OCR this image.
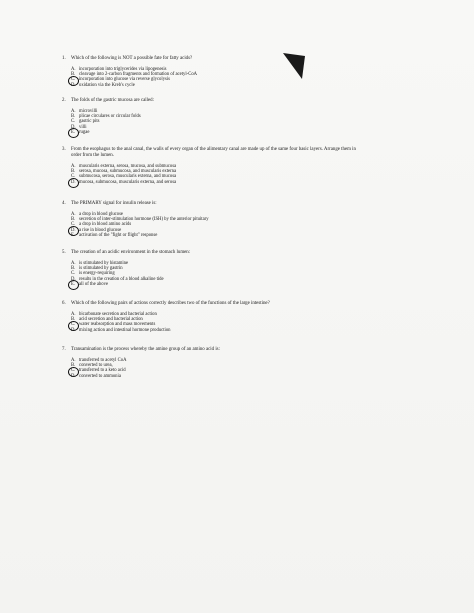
1.	Which of the following is NOT a possible fate for fatty acids?
A. incorporation into triglycerides via lipogenesis
B. cleavage into 2-carbon fragments and formation of acetyl-CoA
C. incorporation into glucose via reverse glycolysis
D. oxidation via the Kreb's cycle
2.	The folds of the gastric mucosa are called:
A. microvilli
B. plicae circulares or circular folds
C. gastric pits
D. villi
E. rugae
3.	From the esophagus to the anal canal, the walls of every organ of the alimentary canal are made up of the same four basic layers. Arrange them in order from the lumen.
A. muscularis externa, serosa, mucosa, and submucosa
B. serosa, mucosa, submucosa, and muscularis externa
C. submucosa, serosa, muscularis externa, and mucosa
D. mucosa, submucosa, muscularis externa, and serosa
4.	The PRIMARY signal for insulin release is:
A. a drop in blood glucose
B. secretion of inter-stimulation hormone (ISH) by the anterior pituitary
C. a drop in blood amino acids
D. a rise in blood glucose
E. activation of the "fight or flight" response
5.	The creation of an acidic environment in the stomach lumen:
A. is stimulated by histamine
B. is stimulated by gastrin
C. is energy-requiring
D. results in the creation of a blood alkaline tide
E. all of the above
6.	Which of the following pairs of actions correctly describes two of the functions of the large intestine?
A. bicarbonate secretion and bacterial action
B. acid secretion and bacterial action
C. water reabsorption and mass movements
D. mixing action and intestinal hormone production
7.	Transamination is the process whereby the amine group of an amino acid is:
A. transferred to acetyl CoA
B. converted to urea,
C. transferred to a keto acid
D. converted to ammonia
